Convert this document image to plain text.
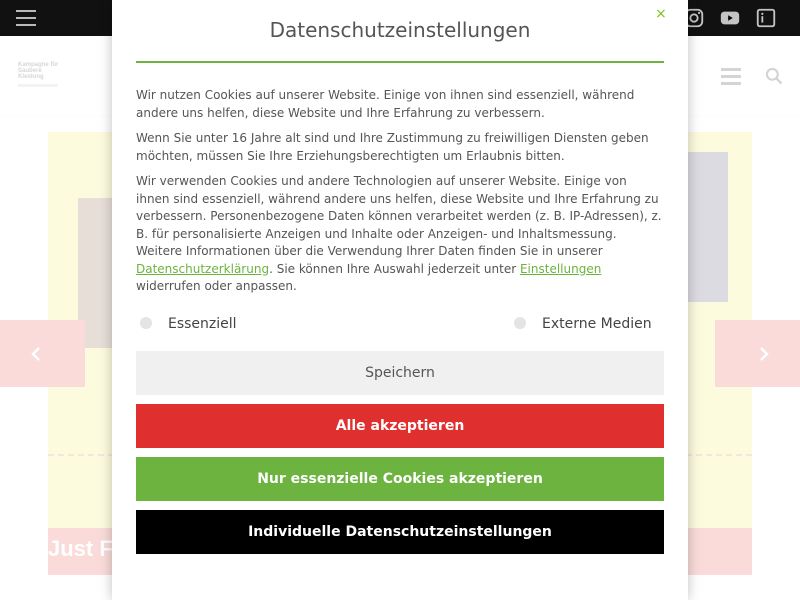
Datenschutzeinstellungen
×

Wir nutzen Cookies auf unserer Website. Einige von ihnen sind essenziell, während andere uns helfen, diese Website und Ihre Erfahrung zu verbessern.

Wenn Sie unter 16 Jahre alt sind und Ihre Zustimmung zu freiwilligen Diensten geben möchten, müssen Sie Ihre Erziehungsberechtigten um Erlaubnis bitten.

Wir verwenden Cookies und andere Technologien auf unserer Website. Einige von ihnen sind essenziell, während andere uns helfen, diese Website und Ihre Erfahrung zu verbessern. Personenbezogene Daten können verarbeitet werden (z. B. IP-Adressen), z. B. für personalisierte Anzeigen und Inhalte oder Anzeigen- und Inhaltsmessung. Weitere Informationen über die Verwendung Ihrer Daten finden Sie in unserer Datenschutzerklärung. Sie können Ihre Auswahl jederzeit unter Einstellungen widerrufen oder anpassen.

Essenziell	Externe Medien
Speichern
Alle akzeptieren
Nur essenzielle Cookies akzeptieren
Individuelle Datenschutzeinstellungen
